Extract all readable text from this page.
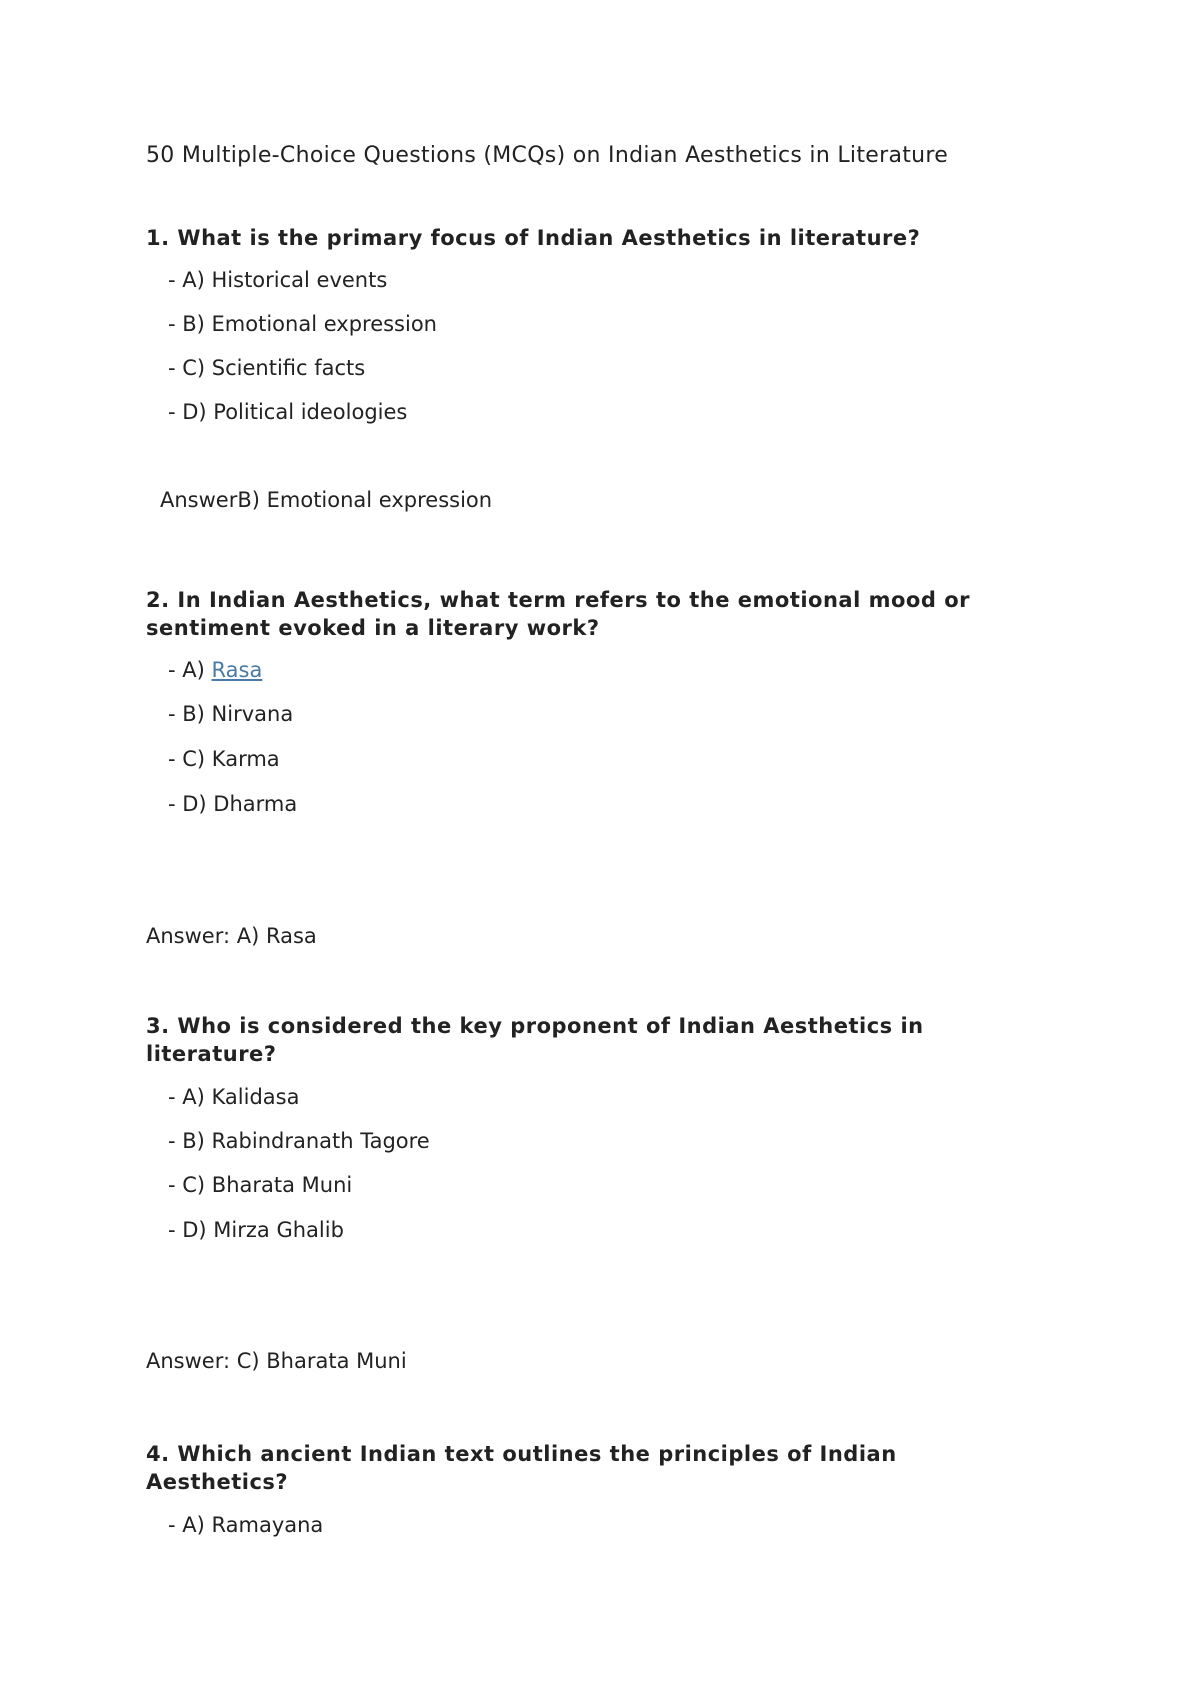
50 Multiple-Choice Questions (MCQs) on Indian Aesthetics in Literature
1. What is the primary focus of Indian Aesthetics in literature?
- A) Historical events
- B) Emotional expression
- C) Scientific facts
- D) Political ideologies
AnswerB) Emotional expression
2. In Indian Aesthetics, what term refers to the emotional mood or sentiment evoked in a literary work?
- A) Rasa
- B) Nirvana
- C) Karma
- D) Dharma
Answer: A) Rasa
3. Who is considered the key proponent of Indian Aesthetics in literature?
- A) Kalidasa
- B) Rabindranath Tagore
- C) Bharata Muni
- D) Mirza Ghalib
Answer: C) Bharata Muni
4. Which ancient Indian text outlines the principles of Indian Aesthetics?
- A) Ramayana
